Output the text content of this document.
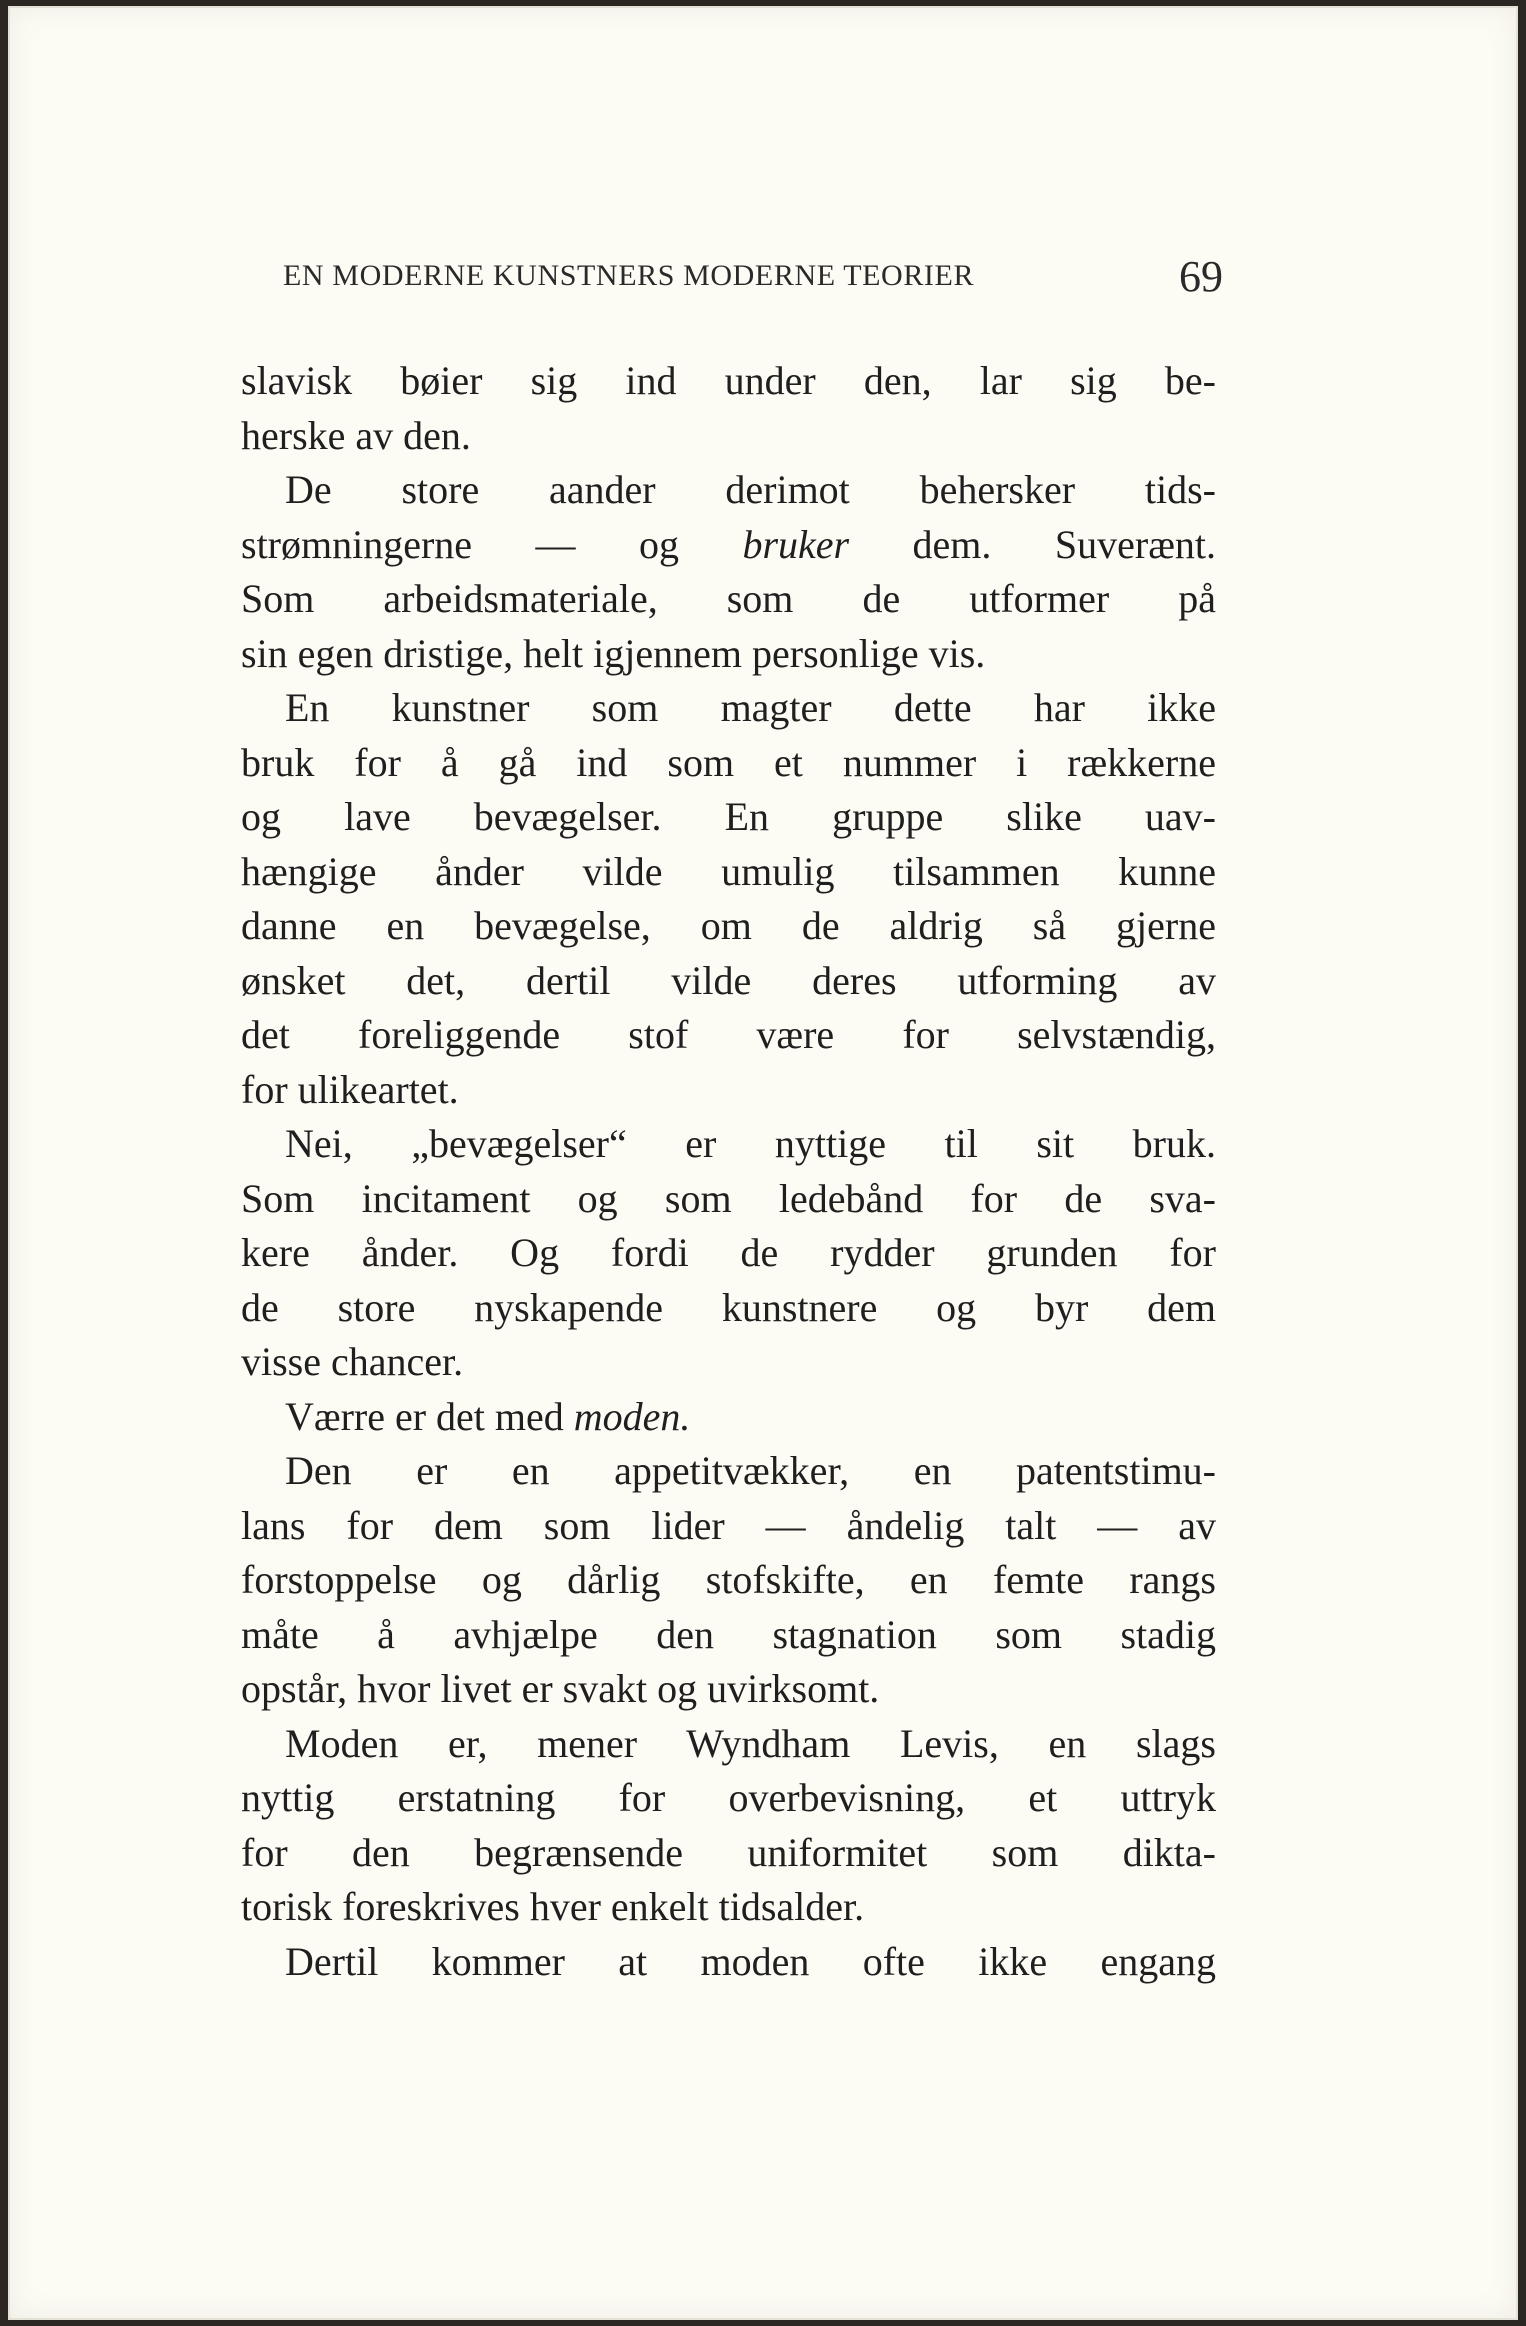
EN MODERNE KUNSTNERS MODERNE TEORIER	69
slavisk bøier sig ind under den, lar sig be-
herske av den.
De store aander derimot behersker tids-
strømningerne — og bruker dem. Suverænt.
Som arbeidsmateriale, som de utformer på
sin egen dristige, helt igjennem personlige vis.
En kunstner som magter dette har ikke
bruk for å gå ind som et nummer i rækkerne
og lave bevægelser. En gruppe slike uav-
hængige ånder vilde umulig tilsammen kunne
danne en bevægelse, om de aldrig så gjerne
ønsket det, dertil vilde deres utforming av
det foreliggende stof være for selvstændig,
for ulikeartet.
Nei, „bevægelser“ er nyttige til sit bruk.
Som incitament og som ledebånd for de sva-
kere ånder. Og fordi de rydder grunden for
de store nyskapende kunstnere og byr dem
visse chancer.
Værre er det med moden.
Den er en appetitvækker, en patentstimu-
lans for dem som lider — åndelig talt — av
forstoppelse og dårlig stofskifte, en femte rangs
måte å avhjælpe den stagnation som stadig
opstår, hvor livet er svakt og uvirksomt.
Moden er, mener Wyndham Levis, en slags
nyttig erstatning for overbevisning, et uttryk
for den begrænsende uniformitet som dikta-
torisk foreskrives hver enkelt tidsalder.
Dertil kommer at moden ofte ikke engang
